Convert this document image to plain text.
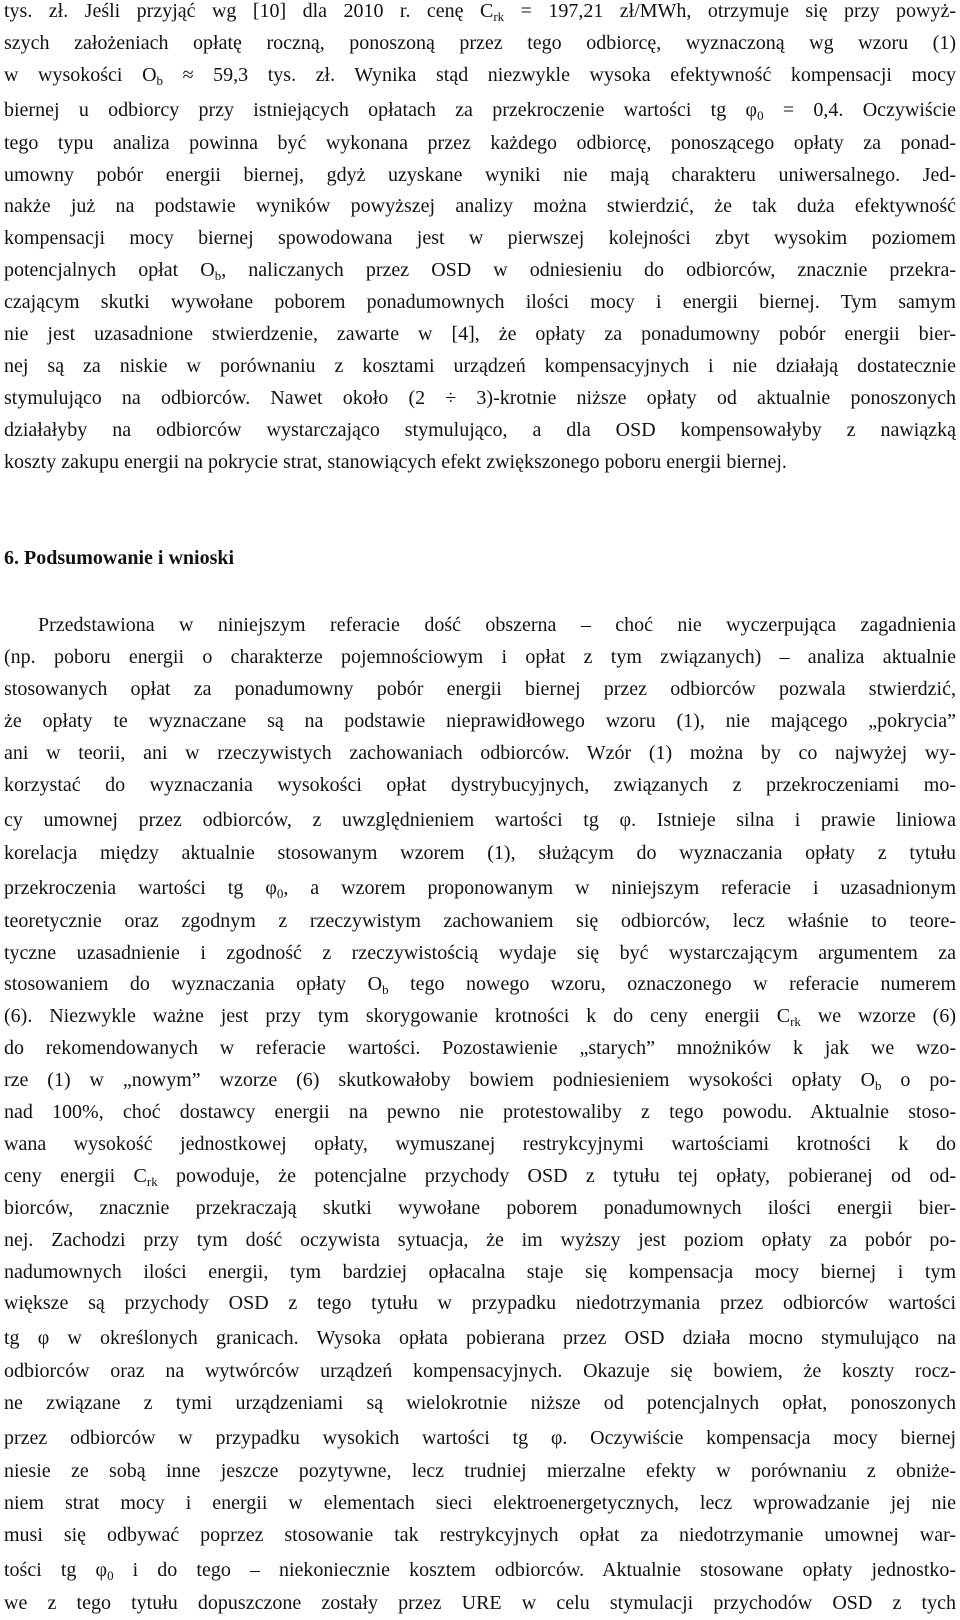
tys. zł. Jeśli przyjąć wg [10] dla 2010 r. cenę $C_{rk} = 197,21$ zł/MWh, otrzymuje się przy powyż-
szych założeniach opłatę roczną, ponoszoną przez tego odbiorcę, wyznaczoną wg wzoru (1)
w wysokości $O_b \approx 59,3$ tys. zł. Wynika stąd niezwykle wysoka efektywność kompensacji mocy
biernej u odbiorcy przy istniejących opłatach za przekroczenie wartości tg $\varphi_0 = 0,4$. Oczywiście
tego typu analiza powinna być wykonana przez każdego odbiorcę, ponoszącego opłaty za ponad-
umowny pobór energii biernej, gdyż uzyskane wyniki nie mają charakteru uniwersalnego. Jed-
nakże już na podstawie wyników powyższej analizy można stwierdzić, że tak duża efektywność
kompensacji mocy biernej spowodowana jest w pierwszej kolejności zbyt wysokim poziomem
potencjalnych opłat $O_b$, naliczanych przez OSD w odniesieniu do odbiorców, znacznie przekra-
czającym skutki wywołane poborem ponadumownych ilości mocy i energii biernej. Tym samym
nie jest uzasadnione stwierdzenie, zawarte w [4], że opłaty za ponadumowny pobór energii bier-
nej są za niskie w porównaniu z kosztami urządzeń kompensacyjnych i nie działają dostatecznie
stymulująco na odbiorców. Nawet około (2 ÷ 3)-krotnie niższe opłaty od aktualnie ponoszonych
działałyby na odbiorców wystarczająco stymulująco, a dla OSD kompensowałyby z nawiązką
koszty zakupu energii na pokrycie strat, stanowiących efekt zwiększonego poboru energii biernej.
6. Podsumowanie i wnioski
Przedstawiona w niniejszym referacie dość obszerna – choć nie wyczerpująca zagadnienia
(np. poboru energii o charakterze pojemnościowym i opłat z tym związanych) – analiza aktualnie
stosowanych opłat za ponadumowny pobór energii biernej przez odbiorców pozwala stwierdzić,
że opłaty te wyznaczane są na podstawie nieprawidłowego wzoru (1), nie mającego „pokrycia”
ani w teorii, ani w rzeczywistych zachowaniach odbiorców. Wzór (1) można by co najwyżej wy-
korzystać do wyznaczania wysokości opłat dystrybucyjnych, związanych z przekroczeniami mo-
cy umownej przez odbiorców, z uwzględnieniem wartości tg φ. Istnieje silna i prawie liniowa
korelacja między aktualnie stosowanym wzorem (1), służącym do wyznaczania opłaty z tytułu
przekroczenia wartości tg $\varphi_0$, a wzorem proponowanym w niniejszym referacie i uzasadnionym
teoretycznie oraz zgodnym z rzeczywistym zachowaniem się odbiorców, lecz właśnie to teore-
tyczne uzasadnienie i zgodność z rzeczywistością wydaje się być wystarczającym argumentem za
stosowaniem do wyznaczania opłaty $O_b$ tego nowego wzoru, oznaczonego w referacie numerem
(6). Niezwykle ważne jest przy tym skorygowanie krotności k do ceny energii $C_{rk}$ we wzorze (6)
do rekomendowanych w referacie wartości. Pozostawienie „starych” mnożników k jak we wzo-
rze (1) w „nowym” wzorze (6) skutkowałoby bowiem podniesieniem wysokości opłaty $O_b$ o po-
nad 100%, choć dostawcy energii na pewno nie protestowaliby z tego powodu. Aktualnie stoso-
wana wysokość jednostkowej opłaty, wymuszanej restrykcyjnymi wartościami krotności k do
ceny energii $C_{rk}$ powoduje, że potencjalne przychody OSD z tytułu tej opłaty, pobieranej od od-
biorców, znacznie przekraczają skutki wywołane poborem ponadumownych ilości energii bier-
nej. Zachodzi przy tym dość oczywista sytuacja, że im wyższy jest poziom opłaty za pobór po-
nadumownych ilości energii, tym bardziej opłacalna staje się kompensacja mocy biernej i tym
większe są przychody OSD z tego tytułu w przypadku niedotrzymania przez odbiorców wartości
tg φ w określonych granicach. Wysoka opłata pobierana przez OSD działa mocno stymulująco na
odbiorców oraz na wytwórców urządzeń kompensacyjnych. Okazuje się bowiem, że koszty rocz-
ne związane z tymi urządzeniami są wielokrotnie niższe od potencjalnych opłat, ponoszonych
przez odbiorców w przypadku wysokich wartości tg φ. Oczywiście kompensacja mocy biernej
niesie ze sobą inne jeszcze pozytywne, lecz trudniej mierzalne efekty w porównaniu z obniże-
niem strat mocy i energii w elementach sieci elektroenergetycznych, lecz wprowadzanie jej nie
musi się odbywać poprzez stosowanie tak restrykcyjnych opłat za niedotrzymanie umownej war-
tości tg $\varphi_0$ i do tego – niekoniecznie kosztem odbiorców. Aktualnie stosowane opłaty jednostko-
we z tego tytułu dopuszczone zostały przez URE w celu stymulacji przychodów OSD z tych
